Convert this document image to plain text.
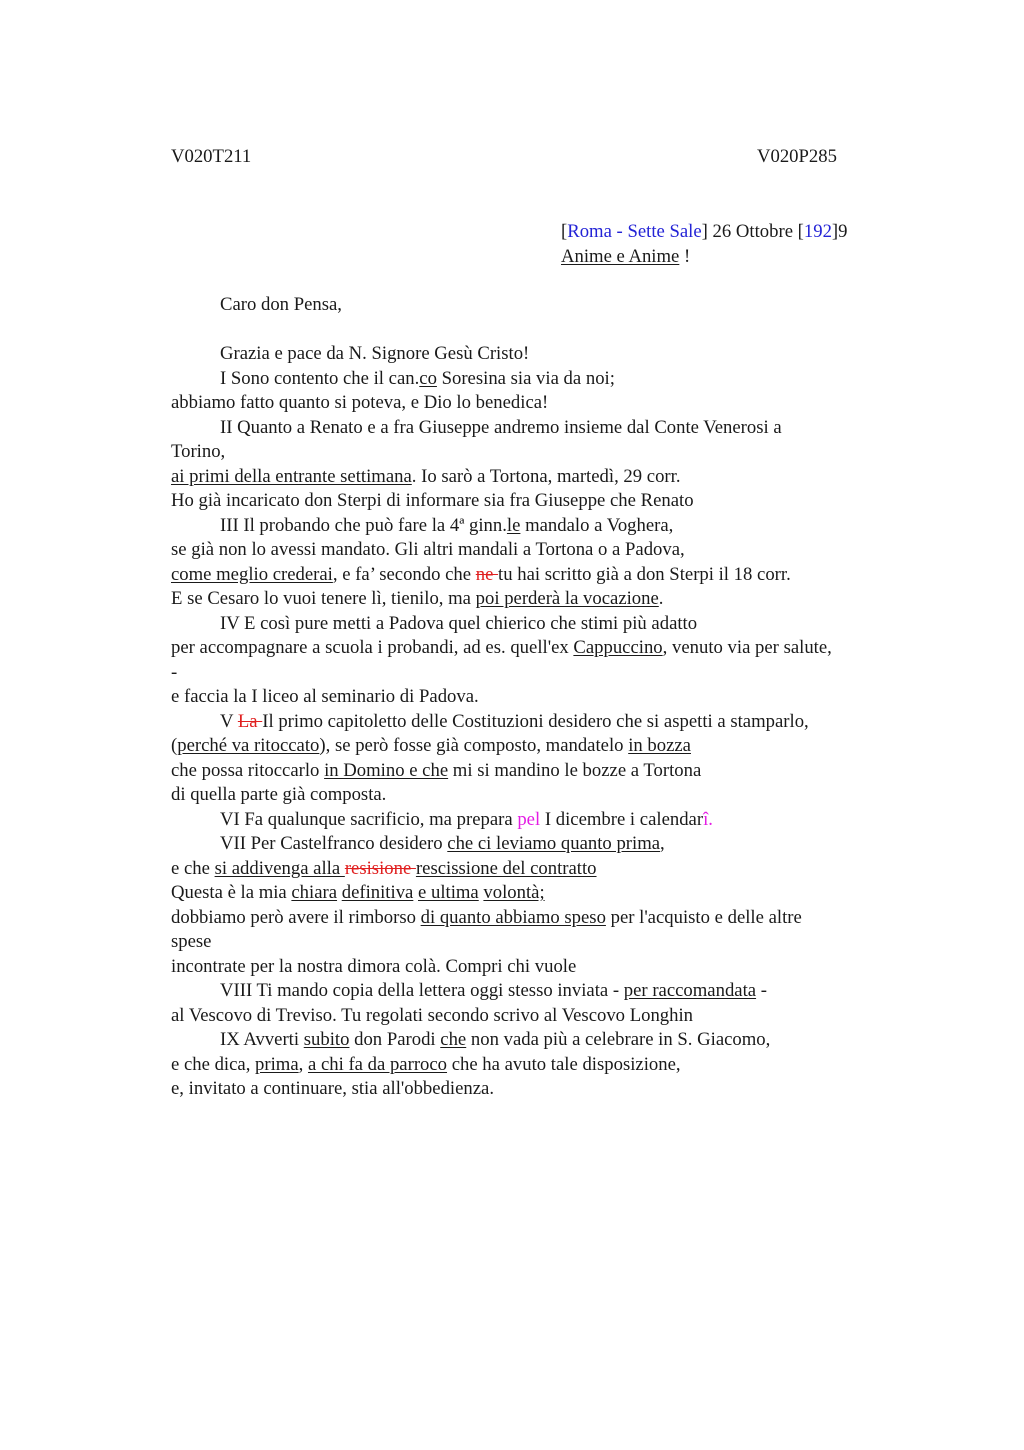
V020T211	V020P285
[Roma - Sette Sale] 26 Ottobre [192]9
Anime e Anime !
Caro don Pensa,
Grazia e pace da N. Signore Gesù Cristo!
I Sono contento che il can.co Soresina sia via da noi;
abbiamo fatto quanto si poteva, e Dio lo benedica!
II Quanto a Renato e a fra Giuseppe andremo insieme dal Conte Venerosi a
Torino,
ai primi della entrante settimana. Io sarò a Tortona, martedì, 29 corr.
Ho già incaricato don Sterpi di informare sia fra Giuseppe che Renato
III Il probando che può fare la 4ª ginn.le mandalo a Voghera,
se già non lo avessi mandato. Gli altri mandali a Tortona o a Padova,
come meglio crederai, e fa’ secondo che ne tu hai scritto già a don Sterpi il 18 corr.
E se Cesaro lo vuoi tenere lì, tienilo, ma poi perderà la vocazione.
IV E così pure metti a Padova quel chierico che stimi più adatto
per accompagnare a scuola i probandi, ad es. quell'ex Cappuccino, venuto via per salute,
-
e faccia la I liceo al seminario di Padova.
V La Il primo capitoletto delle Costituzioni desidero che si aspetti a stamparlo,
(perché va ritoccato), se però fosse già composto, mandatelo in bozza
che possa ritoccarlo in Domino e che mi si mandino le bozze a Tortona
di quella parte già composta.
VI Fa qualunque sacrificio, ma prepara pel I dicembre i calendarî.
VII Per Castelfranco desidero che ci leviamo quanto prima,
e che si addivenga alla resisione rescissione del contratto
Questa è la mia chiara definitiva e ultima volontà;
dobbiamo però avere il rimborso di quanto abbiamo speso per l'acquisto e delle altre
spese
incontrate per la nostra dimora colà. Compri chi vuole
VIII Ti mando copia della lettera oggi stesso inviata - per raccomandata -
al Vescovo di Treviso. Tu regolati secondo scrivo al Vescovo Longhin
IX Avverti subito don Parodi che non vada più a celebrare in S. Giacomo,
e che dica, prima, a chi fa da parroco che ha avuto tale disposizione,
e, invitato a continuare, stia all'obbedienza.
